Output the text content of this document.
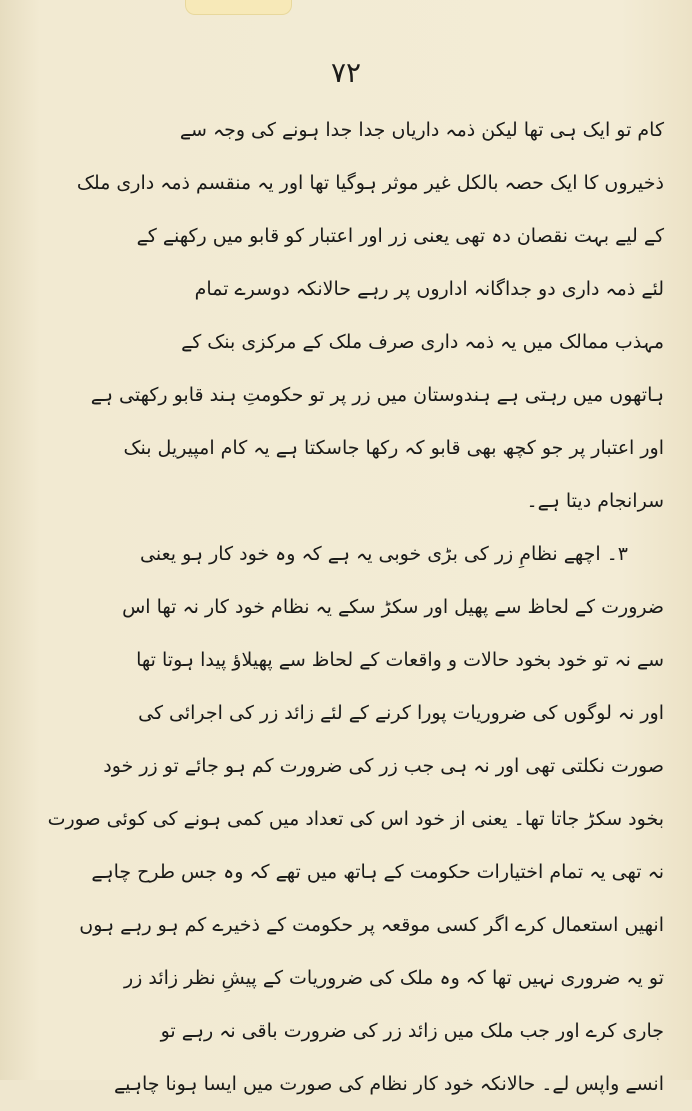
۷۲
کام تو ایک ہی تھا لیکن ذمہ داریاں جدا جدا ہونے کی وجہ سے
ذخیروں کا ایک حصہ بالکل غیر موثر ہوگیا تھا اور یہ منقسم ذمہ داری ملک
کے لیے بہت نقصان دہ تھی یعنی زر اور اعتبار کو قابو میں رکھنے کے
لئے ذمہ داری دو جداگانہ اداروں پر رہے حالانکہ دوسرے تمام
مہذب ممالک میں یہ ذمہ داری صرف ملک کے مرکزی بنک کے
ہاتھوں میں رہتی ہے ہندوستان میں زر پر تو حکومتِ ہند قابو رکھتی ہے
اور اعتبار پر جو کچھ بھی قابو کہ رکھا جاسکتا ہے یہ کام امپیریل بنک
سرانجام دیتا ہے۔
۳۔ اچھے نظامِ زر کی بڑی خوبی یہ ہے کہ وہ خود کار ہو یعنی
ضرورت کے لحاظ سے پھیل اور سکڑ سکے یہ نظام خود کار نہ تھا اس
سے نہ تو خود بخود حالات و واقعات کے لحاظ سے پھیلاؤ پیدا ہوتا تھا
اور نہ لوگوں کی ضروریات پورا کرنے کے لئے زائد زر کی اجرائی کی
صورت نکلتی تھی اور نہ ہی جب زر کی ضرورت کم ہو جائے تو زر خود
بخود سکڑ جاتا تھا۔ یعنی از خود اس کی تعداد میں کمی ہونے کی کوئی صورت
نہ تھی یہ تمام اختیارات حکومت کے ہاتھ میں تھے کہ وہ جس طرح چاہے
انھیں استعمال کرے اگر کسی موقعہ پر حکومت کے ذخیرے کم ہو رہے ہوں
تو یہ ضروری نہیں تھا کہ وہ ملک کی ضروریات کے پیشِ نظر زائد زر
جاری کرے اور جب ملک میں زائد زر کی ضرورت باقی نہ رہے تو
انسے واپس لے۔ حالانکہ خود کار نظام کی صورت میں ایسا ہونا چاہیے
